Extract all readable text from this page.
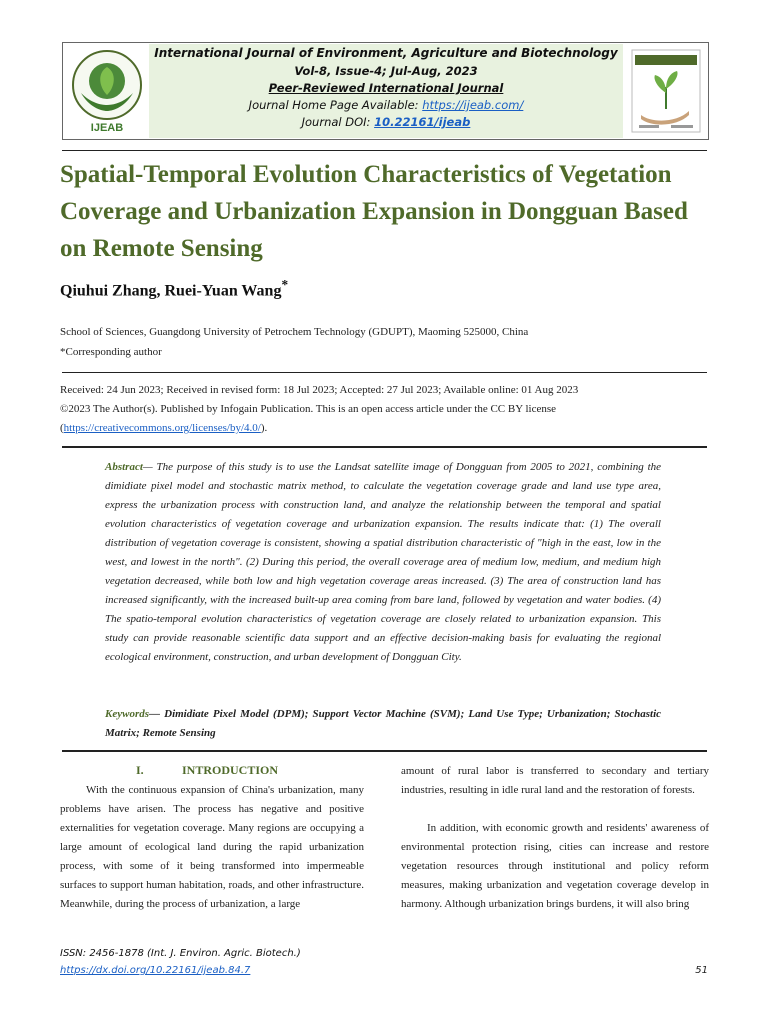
IJEAB
International Journal of Environment, Agriculture and Biotechnology
Vol-8, Issue-4; Jul-Aug, 2023
Peer-Reviewed International Journal
Journal Home Page Available: https://ijeab.com/
Journal DOI: 10.22161/ijeab
Spatial-Temporal Evolution Characteristics of Vegetation Coverage and Urbanization Expansion in Dongguan Based on Remote Sensing
Qiuhui Zhang, Ruei-Yuan Wang*
School of Sciences, Guangdong University of Petrochem Technology (GDUPT), Maoming 525000, China
*Corresponding author
Received: 24 Jun 2023; Received in revised form: 18 Jul 2023; Accepted: 27 Jul 2023; Available online: 01 Aug 2023
©2023 The Author(s). Published by Infogain Publication. This is an open access article under the CC BY license
(https://creativecommons.org/licenses/by/4.0/).

Abstract— The purpose of this study is to use the Landsat satellite image of Dongguan from 2005 to 2021, combining the dimidiate pixel model and stochastic matrix method, to calculate the vegetation coverage grade and land use type area, express the urbanization process with construction land, and analyze the relationship between the temporal and spatial evolution characteristics of vegetation coverage and urbanization expansion. The results indicate that: (1) The overall distribution of vegetation coverage is consistent, showing a spatial distribution characteristic of "high in the east, low in the west, and lowest in the north". (2) During this period, the overall coverage area of medium low, medium, and medium high vegetation decreased, while both low and high vegetation coverage areas increased. (3) The area of construction land has increased significantly, with the increased built-up area coming from bare land, followed by vegetation and water bodies. (4) The spatio-temporal evolution characteristics of vegetation coverage are closely related to urbanization expansion. This study can provide reasonable scientific data support and an effective decision-making basis for evaluating the regional ecological environment, construction, and urban development of Dongguan City.

Keywords— Dimidiate Pixel Model (DPM); Support Vector Machine (SVM); Land Use Type; Urbanization; Stochastic Matrix; Remote Sensing

I.	INTRODUCTION

With the continuous expansion of China's urbanization, many problems have arisen. The process has negative and positive externalities for vegetation coverage. Many regions are occupying a large amount of ecological land during the rapid urbanization process, with some of it being transformed into impermeable surfaces to support human habitation, roads, and other infrastructure. Meanwhile, during the process of urbanization, a large

amount of rural labor is transferred to secondary and tertiary industries, resulting in idle rural land and the restoration of forests.

In addition, with economic growth and residents' awareness of environmental protection rising, cities can increase and restore vegetation resources through institutional and policy reform measures, making urbanization and vegetation coverage develop in harmony. Although urbanization brings burdens, it will also bring

ISSN: 2456-1878 (Int. J. Environ. Agric. Biotech.)
https://dx.doi.org/10.22161/ijeab.84.7	51
